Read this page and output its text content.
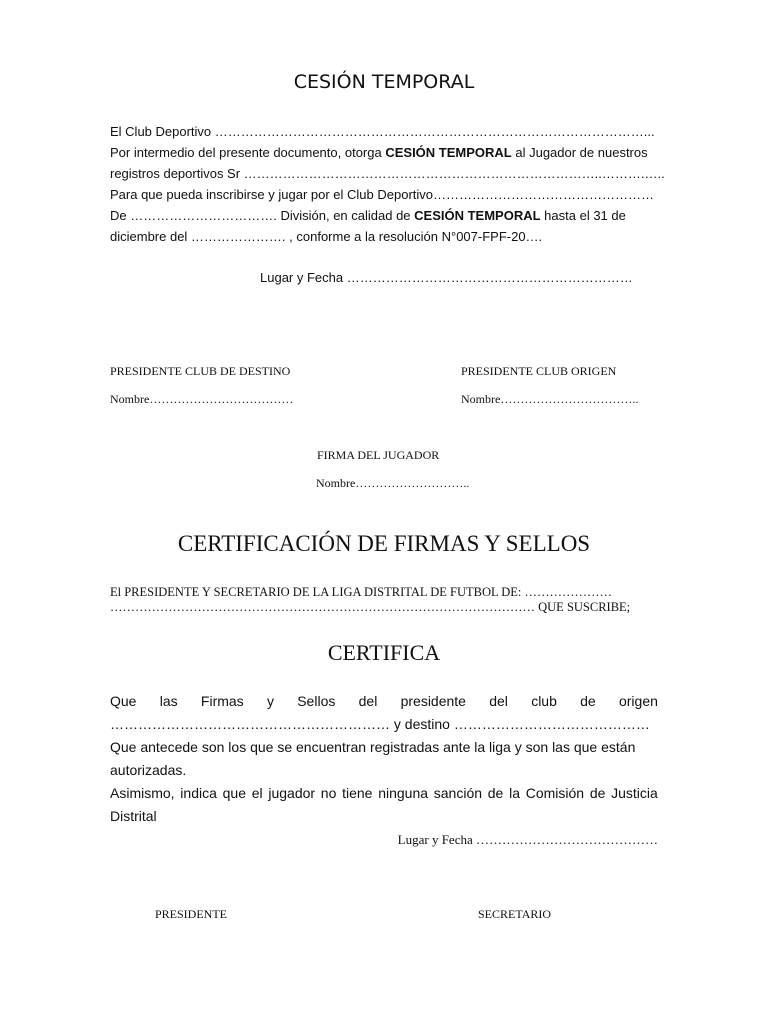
CESIÓN TEMPORAL
El Club Deportivo ………………………………………………………………………………………...
Por intermedio del presente documento, otorga CESIÓN TEMPORAL al Jugador de nuestros
registros deportivos Sr ………………………………………………………………………..……….…..
Para que pueda inscribirse y jugar por el Club Deportivo……………………………………………
De ……………………………. División, en calidad de CESIÓN TEMPORAL hasta el 31 de
diciembre del …………………. , conforme a la resolución N°007-FPF-20….
Lugar y Fecha …………………………………………………………
PRESIDENTE CLUB DE DESTINO
Nombre………………………………
PRESIDENTE CLUB ORIGEN
Nombre……………………………..
FIRMA DEL JUGADOR
Nombre………………………..
CERTIFICACIÓN DE FIRMAS Y SELLOS
El PRESIDENTE Y SECRETARIO DE LA LIGA DISTRITAL DE FUTBOL DE: …………………
………………………………………………………………………………………… QUE SUSCRIBE;
CERTIFICA
Que las Firmas y Sellos del presidente del club de origen
…………………………………………………… y destino ……………………………………
Que antecede son los que se encuentran registradas ante la liga y son las que están
autorizadas.
Asimismo, indica que el jugador no tiene ninguna sanción de la Comisión de Justicia
Distrital
Lugar y Fecha ……………………………………
PRESIDENTE	SECRETARIO
